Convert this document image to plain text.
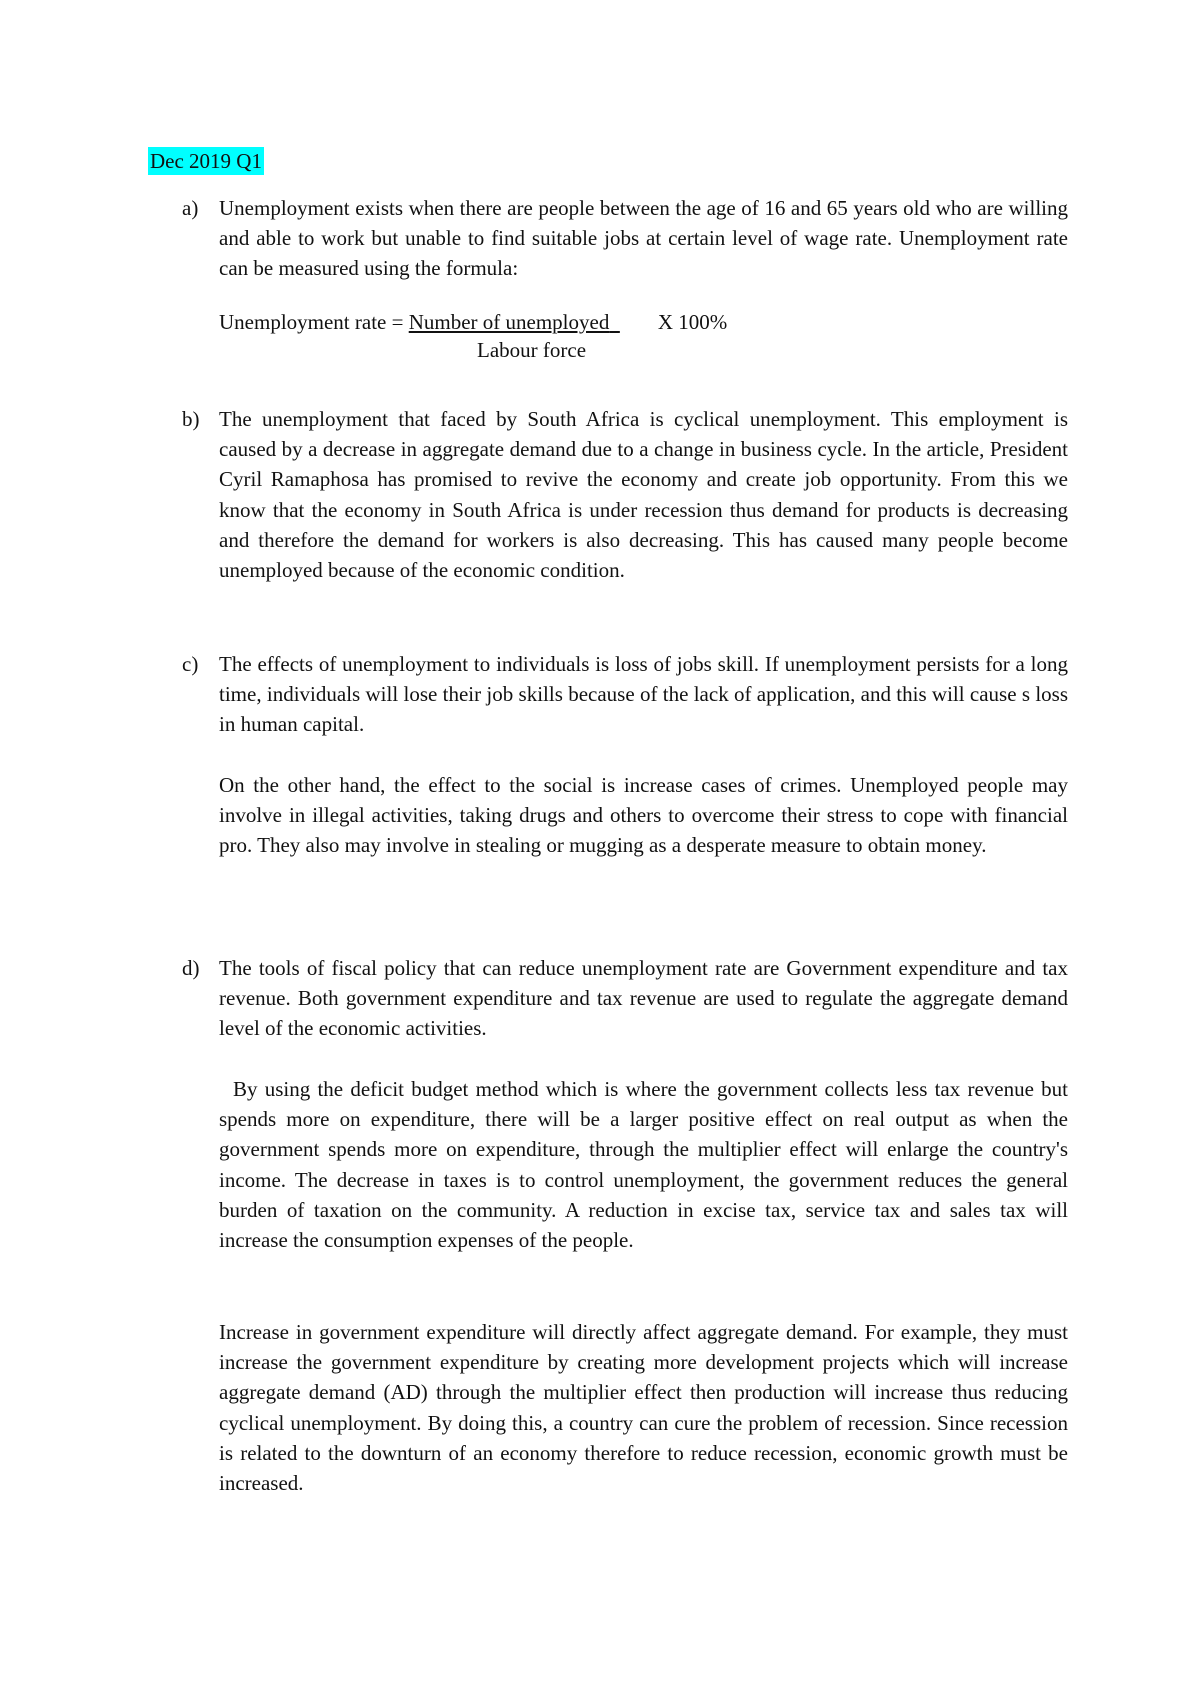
Dec 2019 Q1
a) Unemployment exists when there are people between the age of 16 and 65 years old who are willing and able to work but unable to find suitable jobs at certain level of wage rate. Unemployment rate can be measured using the formula:
Unemployment rate = Number of unemployed X 100%
Labour force
b) The unemployment that faced by South Africa is cyclical unemployment. This employment is caused by a decrease in aggregate demand due to a change in business cycle. In the article, President Cyril Ramaphosa has promised to revive the economy and create job opportunity. From this we know that the economy in South Africa is under recession thus demand for products is decreasing and therefore the demand for workers is also decreasing. This has caused many people become unemployed because of the economic condition.
c) The effects of unemployment to individuals is loss of jobs skill. If unemployment persists for a long time, individuals will lose their job skills because of the lack of application, and this will cause s loss in human capital.
On the other hand, the effect to the social is increase cases of crimes. Unemployed people may involve in illegal activities, taking drugs and others to overcome their stress to cope with financial pro. They also may involve in stealing or mugging as a desperate measure to obtain money.
d) The tools of fiscal policy that can reduce unemployment rate are Government expenditure and tax revenue. Both government expenditure and tax revenue are used to regulate the aggregate demand level of the economic activities.
By using the deficit budget method which is where the government collects less tax revenue but spends more on expenditure, there will be a larger positive effect on real output as when the government spends more on expenditure, through the multiplier effect will enlarge the country's income. The decrease in taxes is to control unemployment, the government reduces the general burden of taxation on the community. A reduction in excise tax, service tax and sales tax will increase the consumption expenses of the people.
Increase in government expenditure will directly affect aggregate demand. For example, they must increase the government expenditure by creating more development projects which will increase aggregate demand (AD) through the multiplier effect then production will increase thus reducing cyclical unemployment. By doing this, a country can cure the problem of recession. Since recession is related to the downturn of an economy therefore to reduce recession, economic growth must be increased.
